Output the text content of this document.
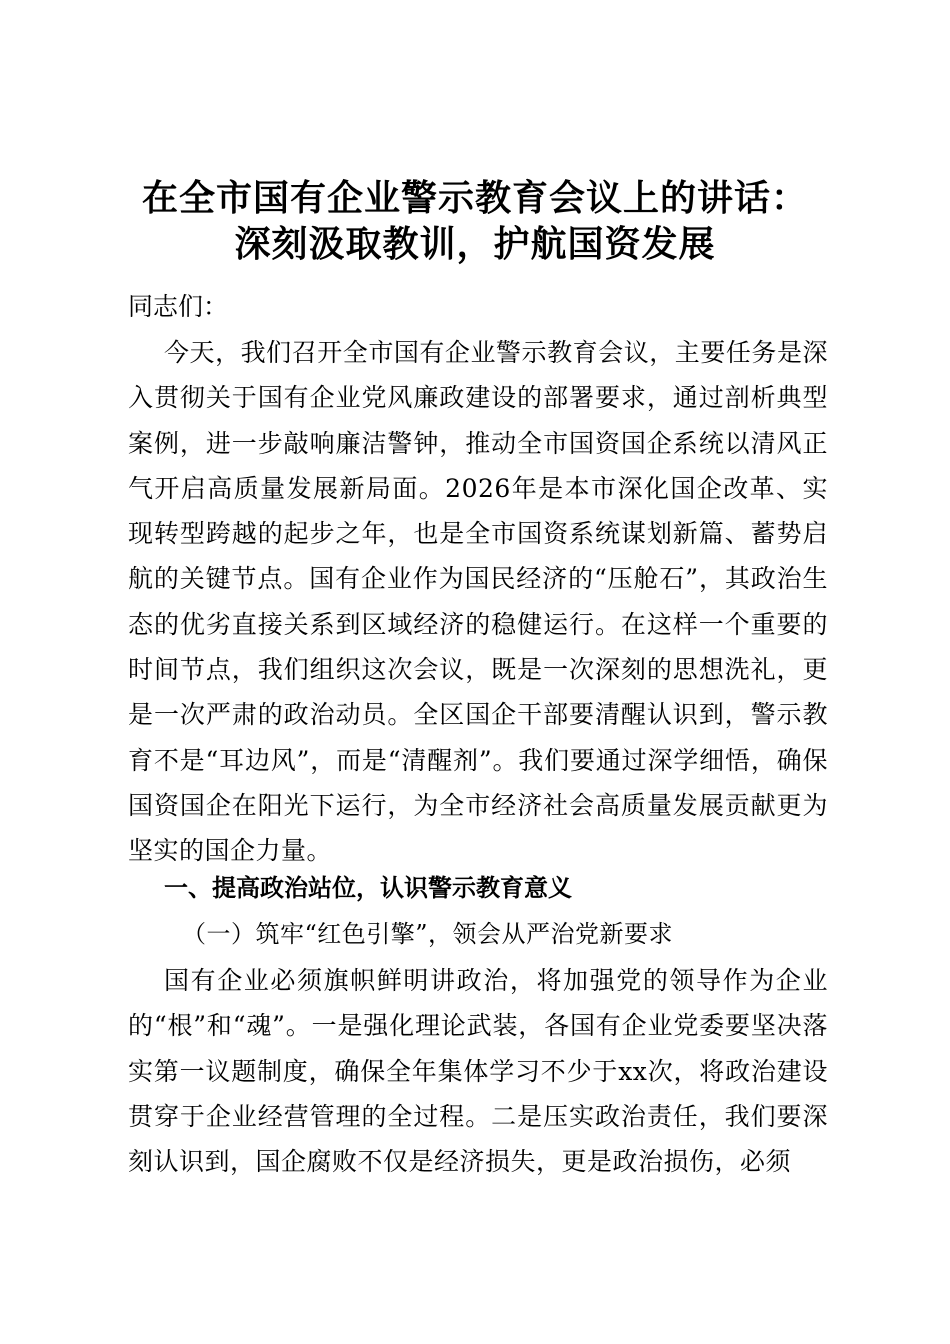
在全市国有企业警示教育会议上的讲话：
深刻汲取教训，护航国资发展
同志们：
今天，我们召开全市国有企业警示教育会议，主要任务是深入贯彻关于国有企业党风廉政建设的部署要求，通过剖析典型案例，进一步敲响廉洁警钟，推动全市国资国企系统以清风正气开启高质量发展新局面。2026年是本市深化国企改革、实现转型跨越的起步之年，也是全市国资系统谋划新篇、蓄势启航的关键节点。国有企业作为国民经济的“压舱石”，其政治生态的优劣直接关系到区域经济的稳健运行。在这样一个重要的时间节点，我们组织这次会议，既是一次深刻的思想洗礼，更是一次严肃的政治动员。全区国企干部要清醒认识到，警示教育不是“耳边风”，而是“清醒剂”。我们要通过深学细悟，确保国资国企在阳光下运行，为全市经济社会高质量发展贡献更为坚实的国企力量。
一、提高政治站位，认识警示教育意义
（一）筑牢“红色引擎”，领会从严治党新要求
国有企业必须旗帜鲜明讲政治，将加强党的领导作为企业的“根”和“魂”。一是强化理论武装，各国有企业党委要坚决落实第一议题制度，确保全年集体学习不少于xx次，将政治建设贯穿于企业经营管理的全过程。二是压实政治责任，我们要深刻认识到，国企腐败不仅是经济损失，更是政治损伤，必须
